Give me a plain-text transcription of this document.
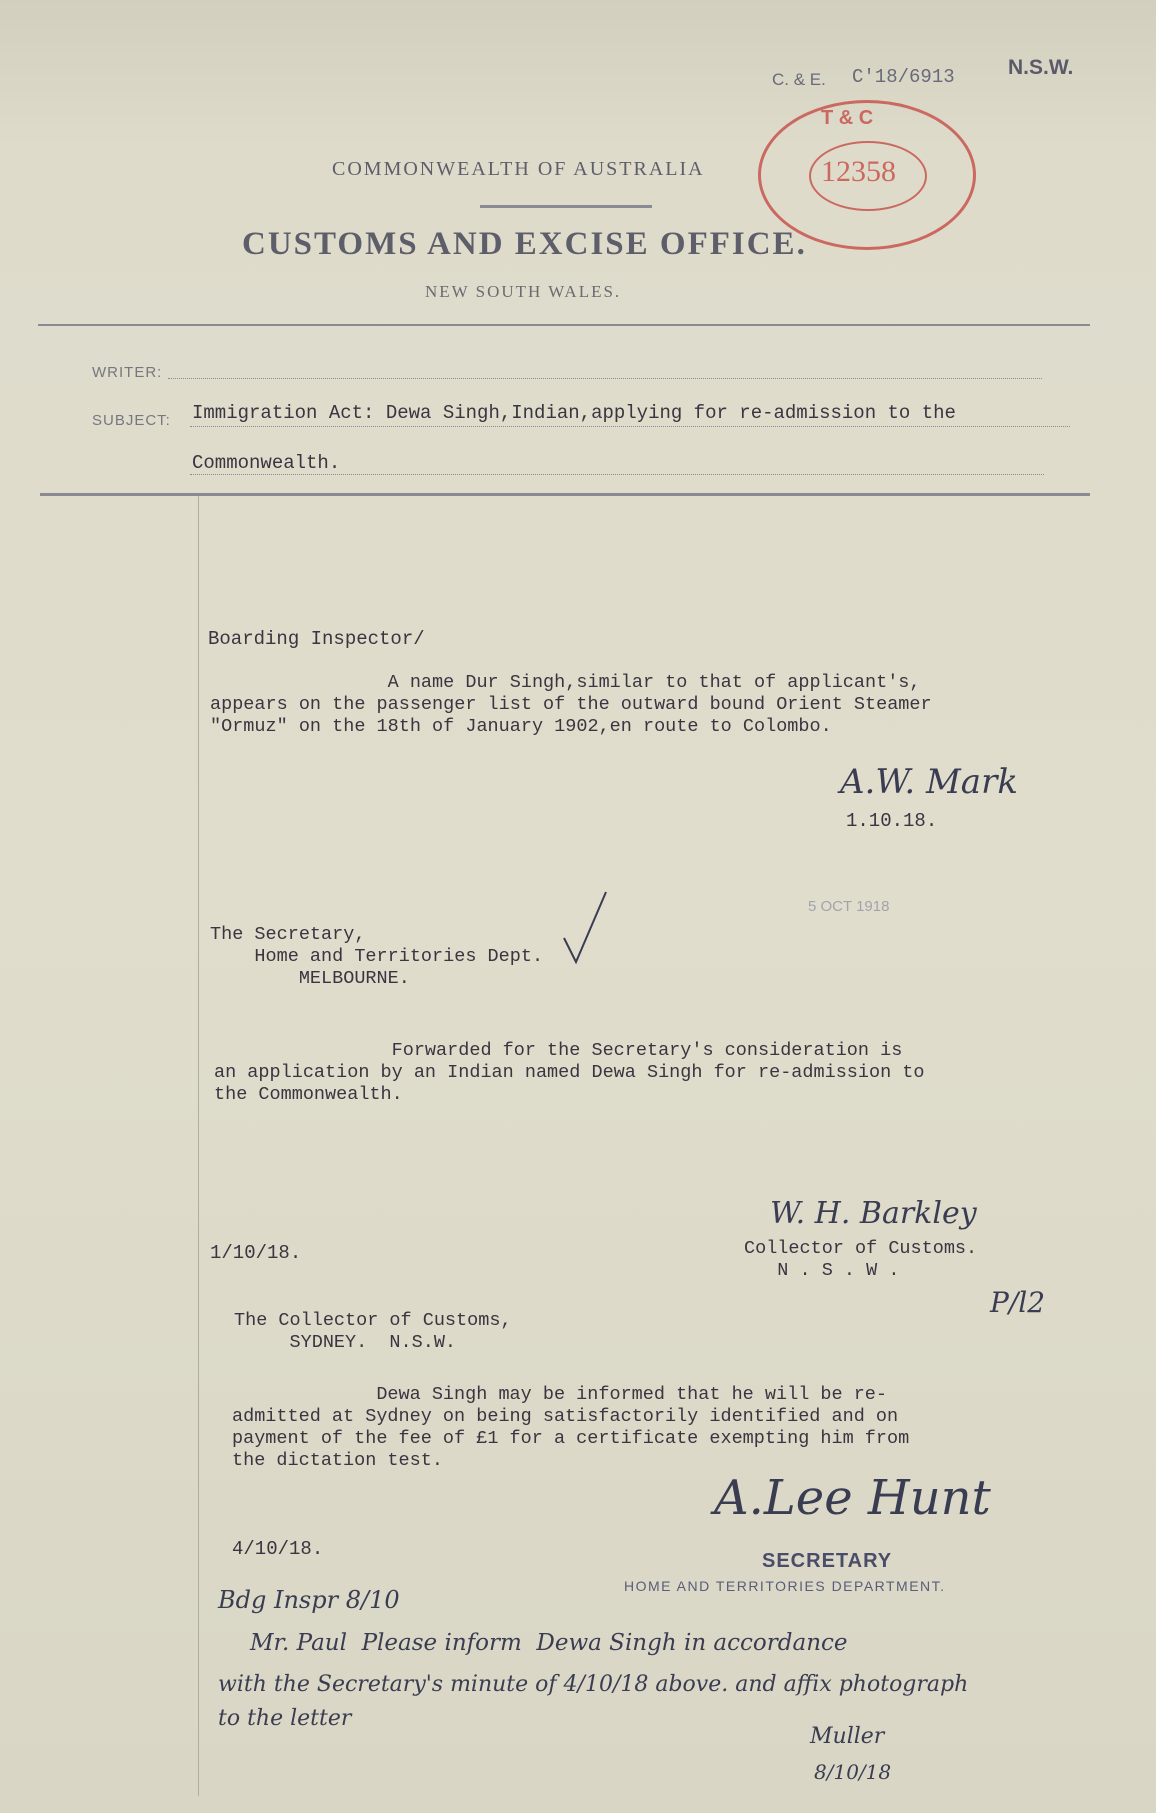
C. & E. C'18/6913	N.S.W.
T & C
12358
COMMONWEALTH OF AUSTRALIA
CUSTOMS AND EXCISE OFFICE.
NEW SOUTH WALES.
WRITER:
SUBJECT: Immigration Act: Dewa Singh,Indian,applying for re-admission to the
Commonwealth.
Boarding Inspector/
A name Dur Singh,similar to that of applicant's,
appears on the passenger list of the outward bound Orient Steamer
"Ormuz" on the 18th of January 1902,en route to Colombo.
A.W. Mark
1.10.18.
5 OCT 1918
The Secretary,
Home and Territories Dept.
MELBOURNE.
Forwarded for the Secretary's consideration is
an application by an Indian named Dewa Singh for re-admission to
the Commonwealth.
W. H. Barkley
Collector of Customs.
N . S . W .
1/10/18.
P/l2
The Collector of Customs,
SYDNEY.  N.S.W.
Dewa Singh may be informed that he will be re-
admitted at Sydney on being satisfactorily identified and on
payment of the fee of £1 for a certificate exempting him from
the dictation test.
A.Lee Hunt
SECRETARY
HOME AND TERRITORIES DEPARTMENT.
4/10/18.
Bdg Inspr 8/10
Mr. Paul  Please inform  Dewa Singh in accordance
with the Secretary's minute of 4/10/18 above. and affix photograph
to the letter
Muller
8/10/18
